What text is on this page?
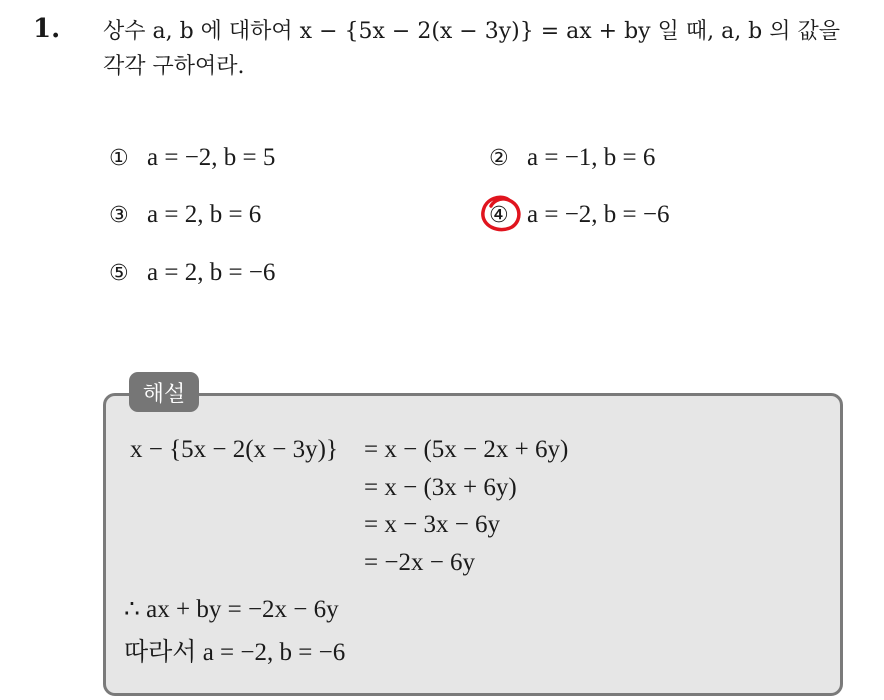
1. 상수 a, b 에 대하여 x − {5x − 2(x − 3y)} = ax + by 일 때, a, b 의 값을
각각 구하여라.
① a = −2, b = 5	② a = −1, b = 6
③ a = 2, b = 6	④ a = −2, b = −6
⑤ a = 2, b = −6
해설
x − {5x − 2(x − 3y)} = x − (5x − 2x + 6y)
= x − (3x + 6y)
= x − 3x − 6y
= −2x − 6y
∴ ax + by = −2x − 6y
따라서 a = −2, b = −6
